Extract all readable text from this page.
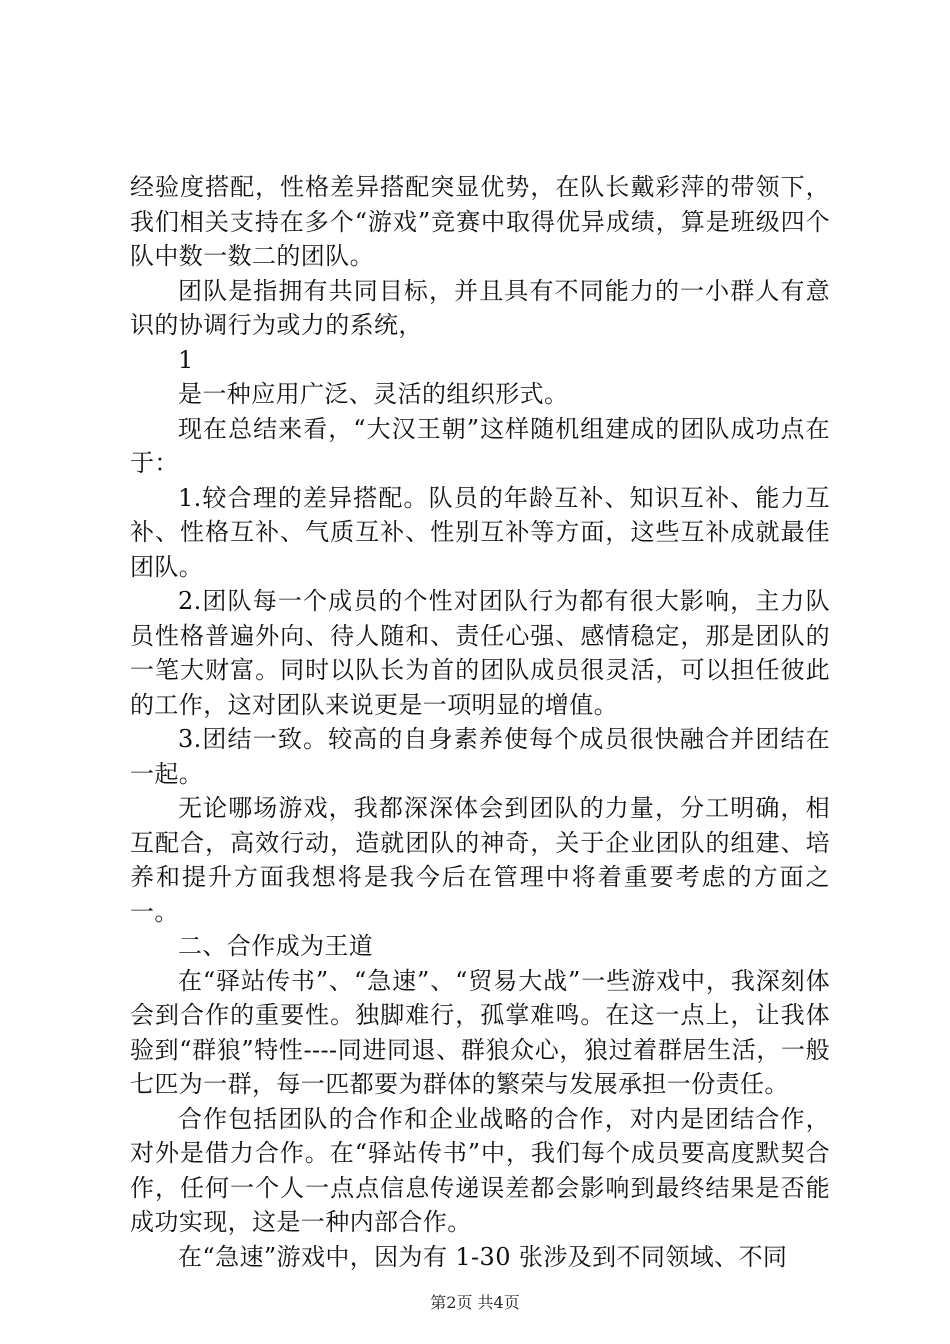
经验度搭配，性格差异搭配突显优势，在队长戴彩萍的带领下，我们相关支持在多个“游戏”竞赛中取得优异成绩，算是班级四个队中数一数二的团队。

团队是指拥有共同目标，并且具有不同能力的一小群人有意识的协调行为或力的系统，

1

是一种应用广泛、灵活的组织形式。

现在总结来看，“大汉王朝”这样随机组建成的团队成功点在于：

1.较合理的差异搭配。队员的年龄互补、知识互补、能力互补、性格互补、气质互补、性别互补等方面，这些互补成就最佳团队。

2.团队每一个成员的个性对团队行为都有很大影响，主力队员性格普遍外向、待人随和、责任心强、感情稳定，那是团队的一笔大财富。同时以队长为首的团队成员很灵活，可以担任彼此的工作，这对团队来说更是一项明显的增值。

3.团结一致。较高的自身素养使每个成员很快融合并团结在一起。

无论哪场游戏，我都深深体会到团队的力量，分工明确，相互配合，高效行动，造就团队的神奇，关于企业团队的组建、培养和提升方面我想将是我今后在管理中将着重要考虑的方面之一。

二、合作成为王道

在“驿站传书”、“急速”、“贸易大战”一些游戏中，我深刻体会到合作的重要性。独脚难行，孤掌难鸣。在这一点上，让我体验到“群狼”特性----同进同退、群狼众心，狼过着群居生活，一般七匹为一群，每一匹都要为群体的繁荣与发展承担一份责任。

合作包括团队的合作和企业战略的合作，对内是团结合作，对外是借力合作。在“驿站传书”中，我们每个成员要高度默契合作，任何一个人一点点信息传递误差都会影响到最终结果是否能成功实现，这是一种内部合作。

在“急速”游戏中，因为有 1-30 张涉及到不同领域、不同

第2页 共4页
